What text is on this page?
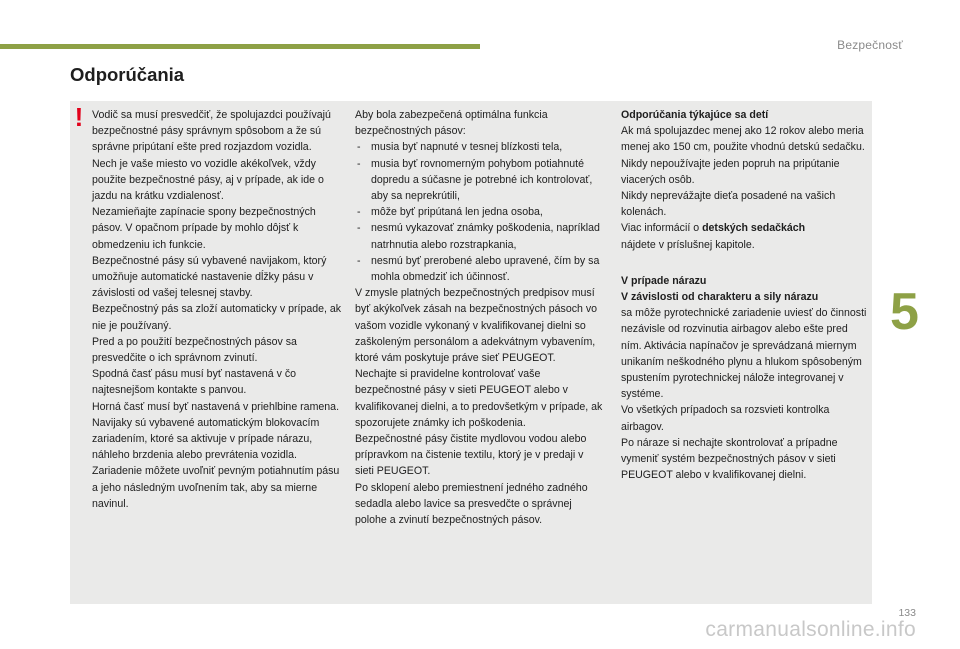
Bezpečnosť
Odporúčania
! Vodič sa musí presvedčiť, že spolujazdci používajú bezpečnostné pásy správnym spôsobom a že sú správne pripútaní ešte pred rozjazdom vozidla.

Nech je vaše miesto vo vozidle akékoľvek, vždy použite bezpečnostné pásy, aj v prípade, ak ide o jazdu na krátku vzdialenosť.

Nezamieňajte zapínacie spony bezpečnostných pásov. V opačnom prípade by mohlo dôjsť k obmedzeniu ich funkcie.

Bezpečnostné pásy sú vybavené navijakom, ktorý umožňuje automatické nastavenie dĺžky pásu v závislosti od vašej telesnej stavby.

Bezpečnostný pás sa zloží automaticky v prípade, ak nie je používaný.

Pred a po použití bezpečnostných pásov sa presvedčite o ich správnom zvinutí.

Spodná časť pásu musí byť nastavená v čo najtesnejšom kontakte s panvou.

Horná časť musí byť nastavená v priehlbine ramena.

Navijaky sú vybavené automatickým blokovacím zariadením, ktoré sa aktivuje v prípade nárazu, náhleho brzdenia alebo prevrátenia vozidla. Zariadenie môžete uvoľniť pevným potiahnutím pásu a jeho následným uvoľnením tak, aby sa mierne navinul.

Aby bola zabezpečená optimálna funkcia bezpečnostných pásov:

- musia byť napnuté v tesnej blízkosti tela,
- musia byť rovnomerným pohybom potiahnuté dopredu a súčasne je potrebné ich kontrolovať, aby sa neprekrútili,
- môže byť pripútaná len jedna osoba,
- nesmú vykazovať známky poškodenia, napríklad natrhnutia alebo rozstrapkania,
- nesmú byť prerobené alebo upravené, čím by sa mohla obmedziť ich účinnosť.

V zmysle platných bezpečnostných predpisov musí byť akýkoľvek zásah na bezpečnostných pásoch vo vašom vozidle vykonaný v kvalifikovanej dielni so zaškoleným personálom a adekvátnym vybavením, ktoré vám poskytuje práve sieť PEUGEOT.

Nechajte si pravidelne kontrolovať vaše bezpečnostné pásy v sieti PEUGEOT alebo v kvalifikovanej dielni, a to predovšetkým v prípade, ak spozorujete známky ich poškodenia.

Bezpečnostné pásy čistite mydlovou vodou alebo prípravkom na čistenie textilu, ktorý je v predaji v sieti PEUGEOT.

Po sklopení alebo premiestnení jedného zadného sedadla alebo lavice sa presvedčte o správnej polohe a zvinutí bezpečnostných pásov.

Odporúčania týkajúce sa detí

Ak má spolujazdec menej ako 12 rokov alebo meria menej ako 150 cm, použite vhodnú detskú sedačku.

Nikdy nepoužívajte jeden popruh na pripútanie viacerých osôb.

Nikdy neprevážajte dieťa posadené na vašich kolenách.

Viac informácií o detských sedačkách
nájdete v príslušnej kapitole.

V prípade nárazu

V závislosti od charakteru a sily nárazu

sa môže pyrotechnické zariadenie uviesť do činnosti nezávisle od rozvinutia airbagov alebo ešte pred ním. Aktivácia napínačov je sprevádzaná miernym unikaním neškodného plynu a hlukom spôsobeným spustením pyrotechnickej nálože integrovanej v systéme.

Vo všetkých prípadoch sa rozsvieti kontrolka airbagov.

Po náraze si nechajte skontrolovať a prípadne vymeniť systém bezpečnostných pásov v sieti PEUGEOT alebo v kvalifikovanej dielni.

5
133
carmanualsonline.info
